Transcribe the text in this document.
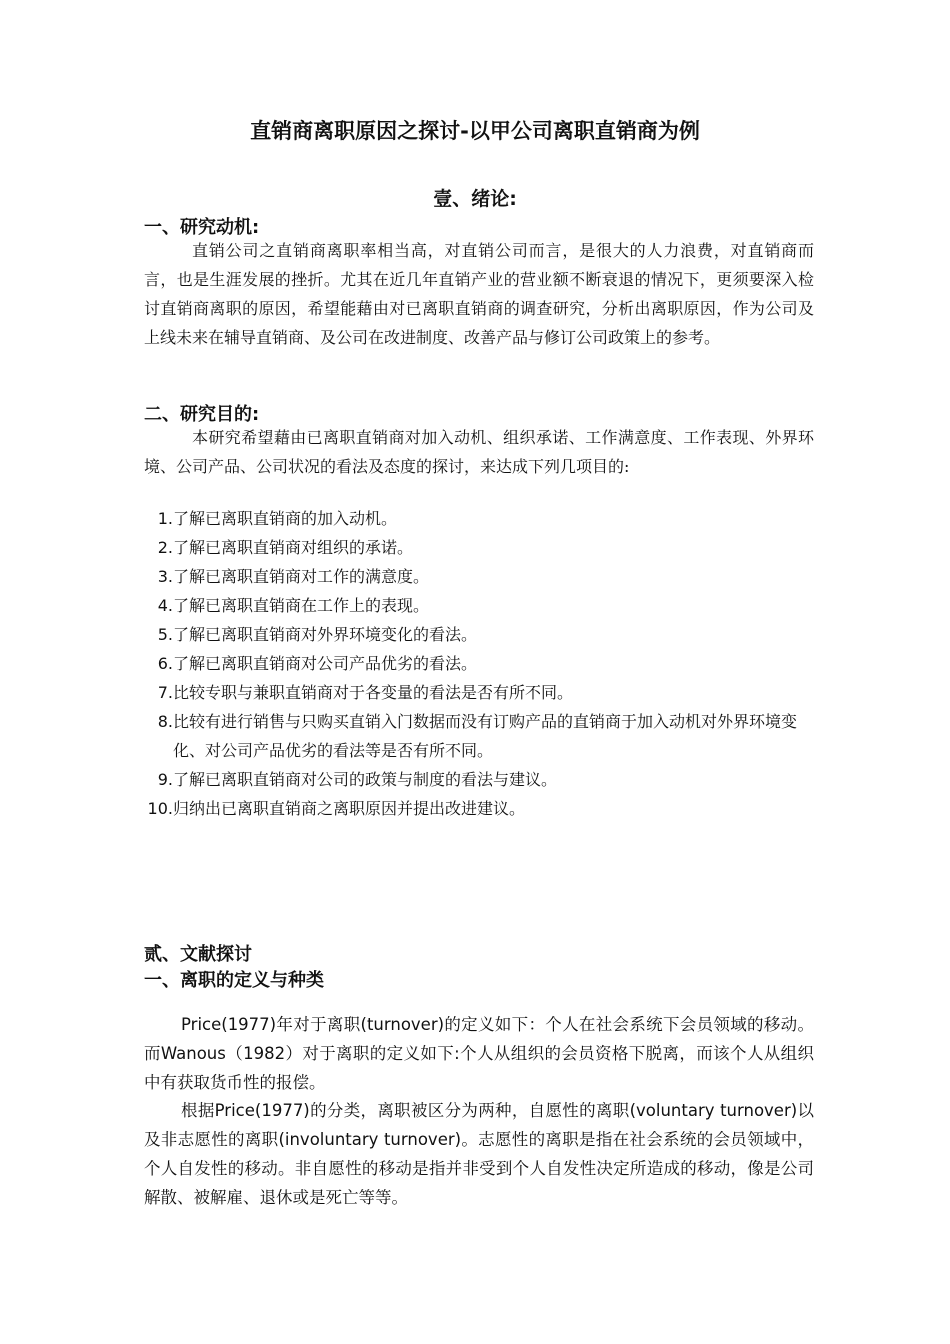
直销商离职原因之探讨-以甲公司离职直销商为例
壹、绪论:
一、研究动机:
直销公司之直销商离职率相当高，对直销公司而言，是很大的人力浪费，对直销商而言，也是生涯发展的挫折。尤其在近几年直销产业的营业额不断衰退的情况下，更须要深入检讨直销商离职的原因，希望能藉由对已离职直销商的调查研究，分析出离职原因，作为公司及上线未来在辅导直销商、及公司在改进制度、改善产品与修订公司政策上的参考。
二、研究目的:
本研究希望藉由已离职直销商对加入动机、组织承诺、工作满意度、工作表现、外界环境、公司产品、公司状况的看法及态度的探讨，来达成下列几项目的:
1. 了解已离职直销商的加入动机。
2. 了解已离职直销商对组织的承诺。
3. 了解已离职直销商对工作的满意度。
4. 了解已离职直销商在工作上的表现。
5. 了解已离职直销商对外界环境变化的看法。
6. 了解已离职直销商对公司产品优劣的看法。
7. 比较专职与兼职直销商对于各变量的看法是否有所不同。
8. 比较有进行销售与只购买直销入门数据而没有订购产品的直销商于加入动机对外界环境变化、对公司产品优劣的看法等是否有所不同。
9. 了解已离职直销商对公司的政策与制度的看法与建议。
10. 归纳出已离职直销商之离职原因并提出改进建议。
贰、文献探讨
一、离职的定义与种类
Price(1977)年对于离职(turnover)的定义如下：个人在社会系统下会员领域的移动。而Wanous（1982）对于离职的定义如下:个人从组织的会员资格下脱离，而该个人从组织中有获取货币性的报偿。
根据Price(1977)的分类，离职被区分为两种，自愿性的离职(voluntary turnover)以及非志愿性的离职(involuntary turnover)。志愿性的离职是指在社会系统的会员领域中，个人自发性的移动。非自愿性的移动是指并非受到个人自发性决定所造成的移动，像是公司解散、被解雇、退休或是死亡等等。
